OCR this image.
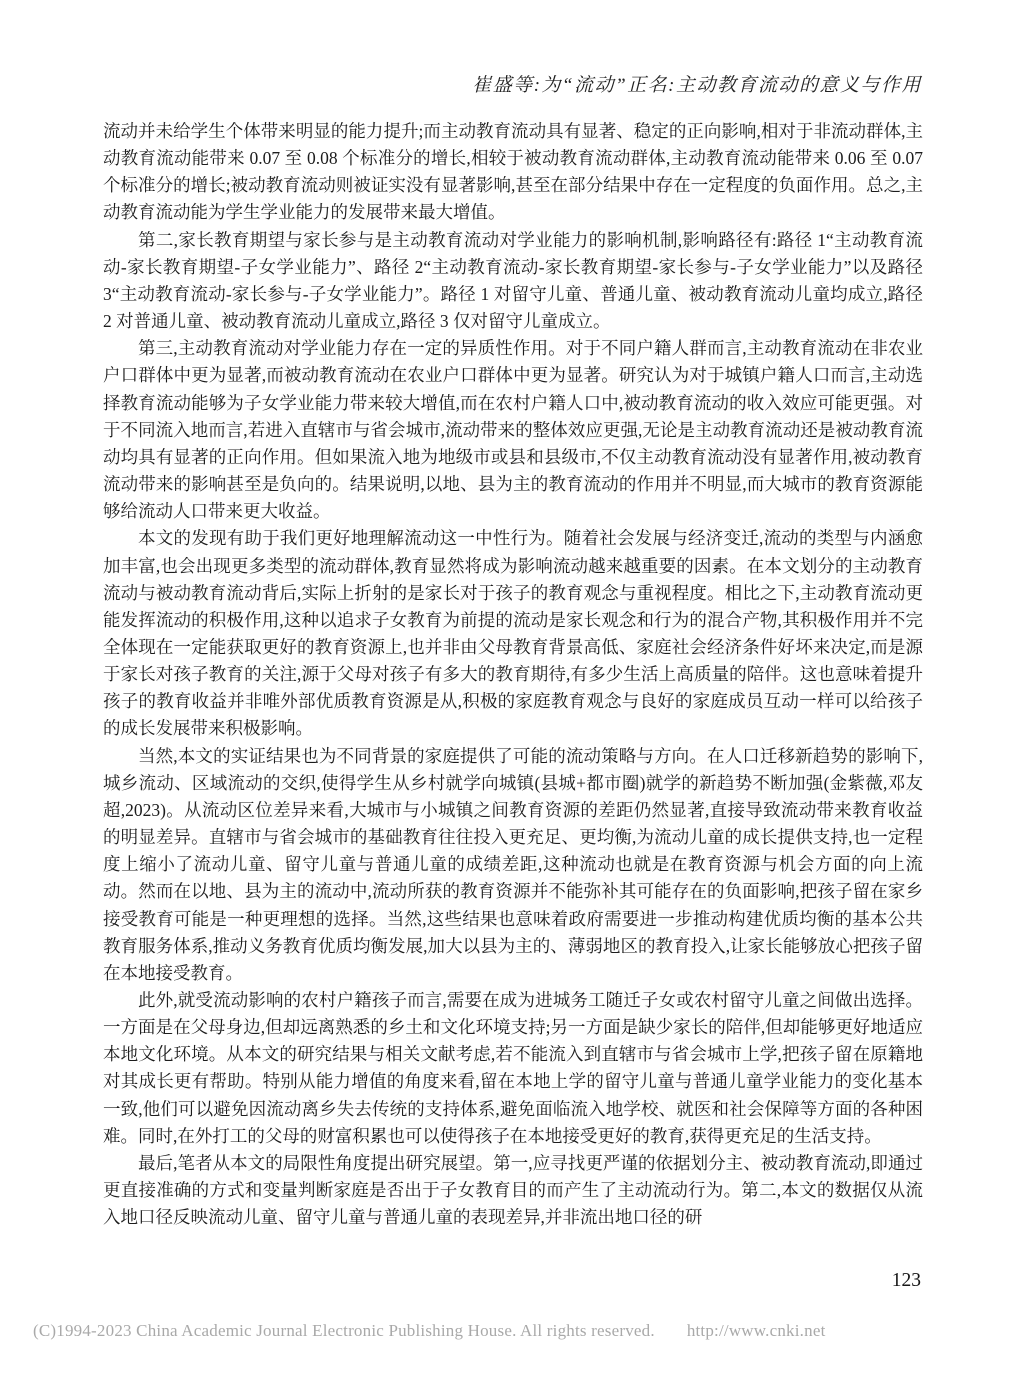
崔盛等:为“流动”正名:主动教育流动的意义与作用

流动并未给学生个体带来明显的能力提升;而主动教育流动具有显著、稳定的正向影响,相对于非流动群体,主动教育流动能带来 0.07 至 0.08 个标准分的增长,相较于被动教育流动群体,主动教育流动能带来 0.06 至 0.07 个标准分的增长;被动教育流动则被证实没有显著影响,甚至在部分结果中存在一定程度的负面作用。总之,主动教育流动能为学生学业能力的发展带来最大增值。

第二,家长教育期望与家长参与是主动教育流动对学业能力的影响机制,影响路径有:路径 1“主动教育流动-家长教育期望-子女学业能力”、路径 2“主动教育流动-家长教育期望-家长参与-子女学业能力”以及路径 3“主动教育流动-家长参与-子女学业能力”。路径 1 对留守儿童、普通儿童、被动教育流动儿童均成立,路径 2 对普通儿童、被动教育流动儿童成立,路径 3 仅对留守儿童成立。

第三,主动教育流动对学业能力存在一定的异质性作用。对于不同户籍人群而言,主动教育流动在非农业户口群体中更为显著,而被动教育流动在农业户口群体中更为显著。研究认为对于城镇户籍人口而言,主动选择教育流动能够为子女学业能力带来较大增值,而在农村户籍人口中,被动教育流动的收入效应可能更强。对于不同流入地而言,若进入直辖市与省会城市,流动带来的整体效应更强,无论是主动教育流动还是被动教育流动均具有显著的正向作用。但如果流入地为地级市或县和县级市,不仅主动教育流动没有显著作用,被动教育流动带来的影响甚至是负向的。结果说明,以地、县为主的教育流动的作用并不明显,而大城市的教育资源能够给流动人口带来更大收益。

本文的发现有助于我们更好地理解流动这一中性行为。随着社会发展与经济变迁,流动的类型与内涵愈加丰富,也会出现更多类型的流动群体,教育显然将成为影响流动越来越重要的因素。在本文划分的主动教育流动与被动教育流动背后,实际上折射的是家长对于孩子的教育观念与重视程度。相比之下,主动教育流动更能发挥流动的积极作用,这种以追求子女教育为前提的流动是家长观念和行为的混合产物,其积极作用并不完全体现在一定能获取更好的教育资源上,也并非由父母教育背景高低、家庭社会经济条件好坏来决定,而是源于家长对孩子教育的关注,源于父母对孩子有多大的教育期待,有多少生活上高质量的陪伴。这也意味着提升孩子的教育收益并非唯外部优质教育资源是从,积极的家庭教育观念与良好的家庭成员互动一样可以给孩子的成长发展带来积极影响。

当然,本文的实证结果也为不同背景的家庭提供了可能的流动策略与方向。在人口迁移新趋势的影响下,城乡流动、区域流动的交织,使得学生从乡村就学向城镇(县城+都市圈)就学的新趋势不断加强(金紫薇,邓友超,2023)。从流动区位差异来看,大城市与小城镇之间教育资源的差距仍然显著,直接导致流动带来教育收益的明显差异。直辖市与省会城市的基础教育往往投入更充足、更均衡,为流动儿童的成长提供支持,也一定程度上缩小了流动儿童、留守儿童与普通儿童的成绩差距,这种流动也就是在教育资源与机会方面的向上流动。然而在以地、县为主的流动中,流动所获的教育资源并不能弥补其可能存在的负面影响,把孩子留在家乡接受教育可能是一种更理想的选择。当然,这些结果也意味着政府需要进一步推动构建优质均衡的基本公共教育服务体系,推动义务教育优质均衡发展,加大以县为主的、薄弱地区的教育投入,让家长能够放心把孩子留在本地接受教育。

此外,就受流动影响的农村户籍孩子而言,需要在成为进城务工随迁子女或农村留守儿童之间做出选择。一方面是在父母身边,但却远离熟悉的乡土和文化环境支持;另一方面是缺少家长的陪伴,但却能够更好地适应本地文化环境。从本文的研究结果与相关文献考虑,若不能流入到直辖市与省会城市上学,把孩子留在原籍地对其成长更有帮助。特别从能力增值的角度来看,留在本地上学的留守儿童与普通儿童学业能力的变化基本一致,他们可以避免因流动离乡失去传统的支持体系,避免面临流入地学校、就医和社会保障等方面的各种困难。同时,在外打工的父母的财富积累也可以使得孩子在本地接受更好的教育,获得更充足的生活支持。

最后,笔者从本文的局限性角度提出研究展望。第一,应寻找更严谨的依据划分主、被动教育流动,即通过更直接准确的方式和变量判断家庭是否出于子女教育目的而产生了主动流动行为。第二,本文的数据仅从流入地口径反映流动儿童、留守儿童与普通儿童的表现差异,并非流出地口径的研

123
(C)1994-2023 China Academic Journal Electronic Publishing House. All rights reserved. http://www.cnki.net
